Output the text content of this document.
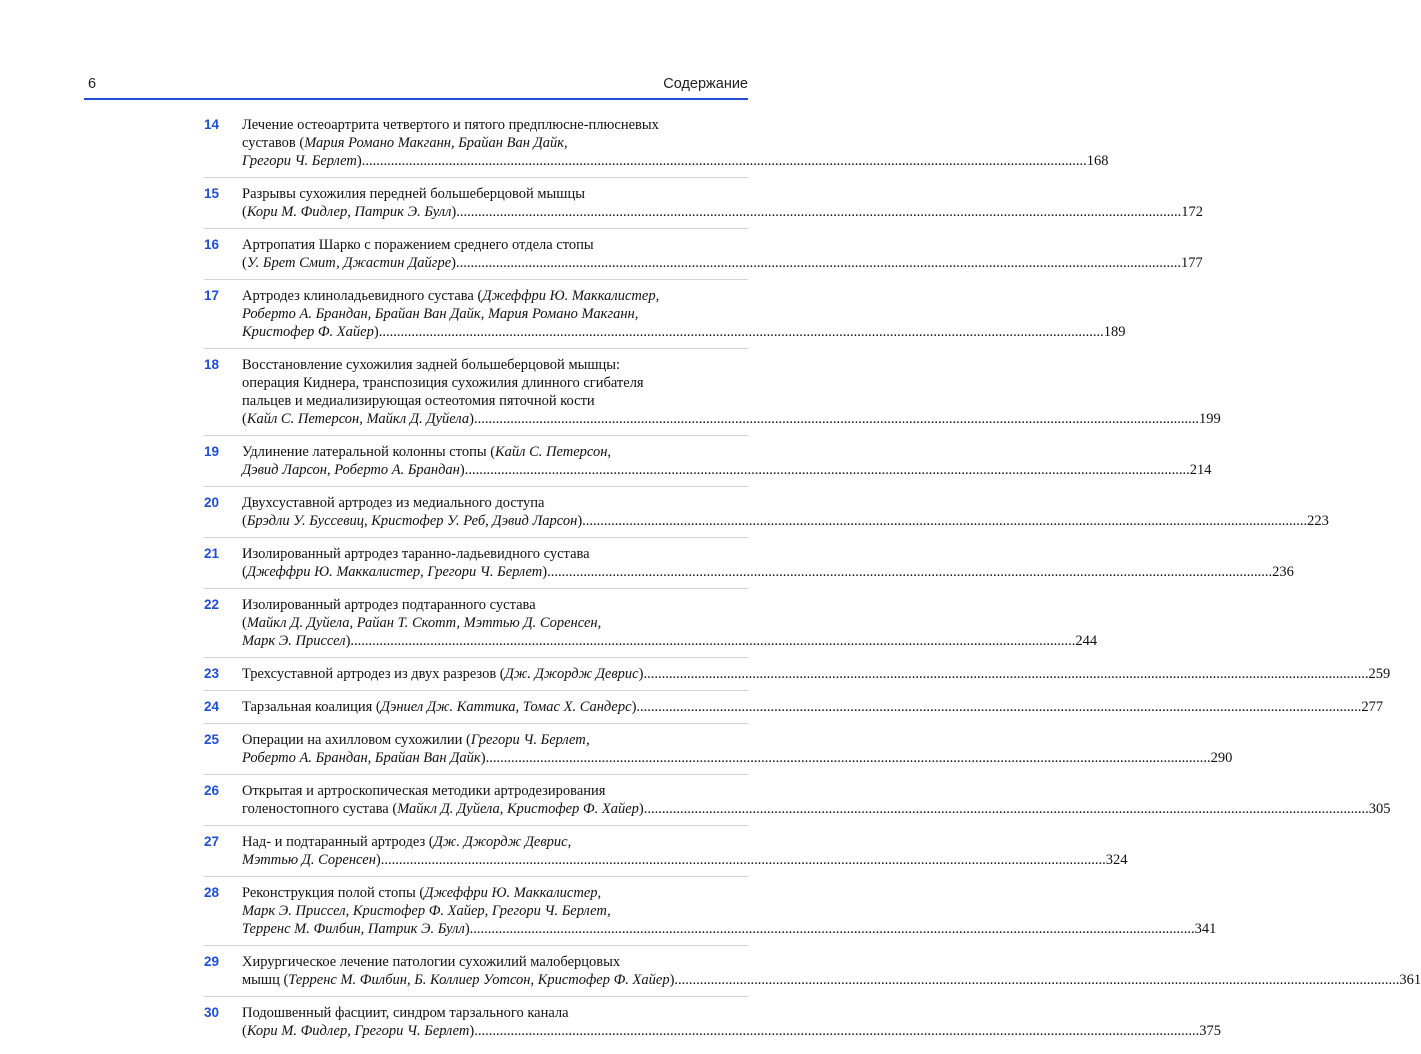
6	Содержание
14 Лечение остеоартрита четвертого и пятого предплюсне-плюсневых
суставов (Мария Романо Макганн, Брайан Ван Дайк,
Грегори Ч. Берлет) .....	168
15 Разрывы сухожилия передней большеберцовой мышцы
(Кори М. Фидлер, Патрик Э. Булл) .....	172
16 Артропатия Шарко с поражением среднего отдела стопы
(У. Брет Смит, Джастин Дайгре) .....	177
17 Артродез клиноладьевидного сустава (Джеффри Ю. Маккалистер,
Роберто А. Брандан, Брайан Ван Дайк, Мария Романо Макганн,
Кристофер Ф. Хайер) .....	189
18 Восстановление сухожилия задней большеберцовой мышцы:
операция Киднера, транспозиция сухожилия длинного сгибателя
пальцев и медиализирующая остеотомия пяточной кости
(Кайл С. Петерсон, Майкл Д. Дуйела) .....	199
19 Удлинение латеральной колонны стопы (Кайл С. Петерсон,
Дэвид Ларсон, Роберто А. Брандан) .....	214
20 Двухсуставной артродез из медиального доступа
(Брэдли У. Буссевиц, Кристофер У. Реб, Дэвид Ларсон) .....	223
21 Изолированный артродез таранно-ладьевидного сустава
(Джеффри Ю. Маккалистер, Грегори Ч. Берлет) .....	236
22 Изолированный артродез подтаранного сустава
(Майкл Д. Дуйела, Райан Т. Скотт, Мэттью Д. Соренсен,
Марк Э. Приссел) .....	244
23 Трехсуставной артродез из двух разрезов (Дж. Джордж Деврис) .....	259
24 Тарзальная коалиция (Дэниел Дж. Каттика, Томас Х. Сандерс) .....	277
25 Операции на ахилловом сухожилии (Грегори Ч. Берлет,
Роберто А. Брандан, Брайан Ван Дайк) .....	290
26 Открытая и артроскопическая методики артродезирования
голеностопного сустава (Майкл Д. Дуйела, Кристофер Ф. Хайер) .....	305
27 Над- и подтаранный артродез (Дж. Джордж Деврис,
Мэттью Д. Соренсен) .....	324
28 Реконструкция полой стопы (Джеффри Ю. Маккалистер,
Марк Э. Приссел, Кристофер Ф. Хайер, Грегори Ч. Берлет,
Терренс М. Филбин, Патрик Э. Булл) .....	341
29 Хирургическое лечение патологии сухожилий малоберцовых
мышц (Терренс М. Филбин, Б. Коллиер Уотсон, Кристофер Ф. Хайер) .....	361
30 Подошвенный фасциит, синдром тарзального канала
(Кори М. Фидлер, Грегори Ч. Берлет) .....	375
